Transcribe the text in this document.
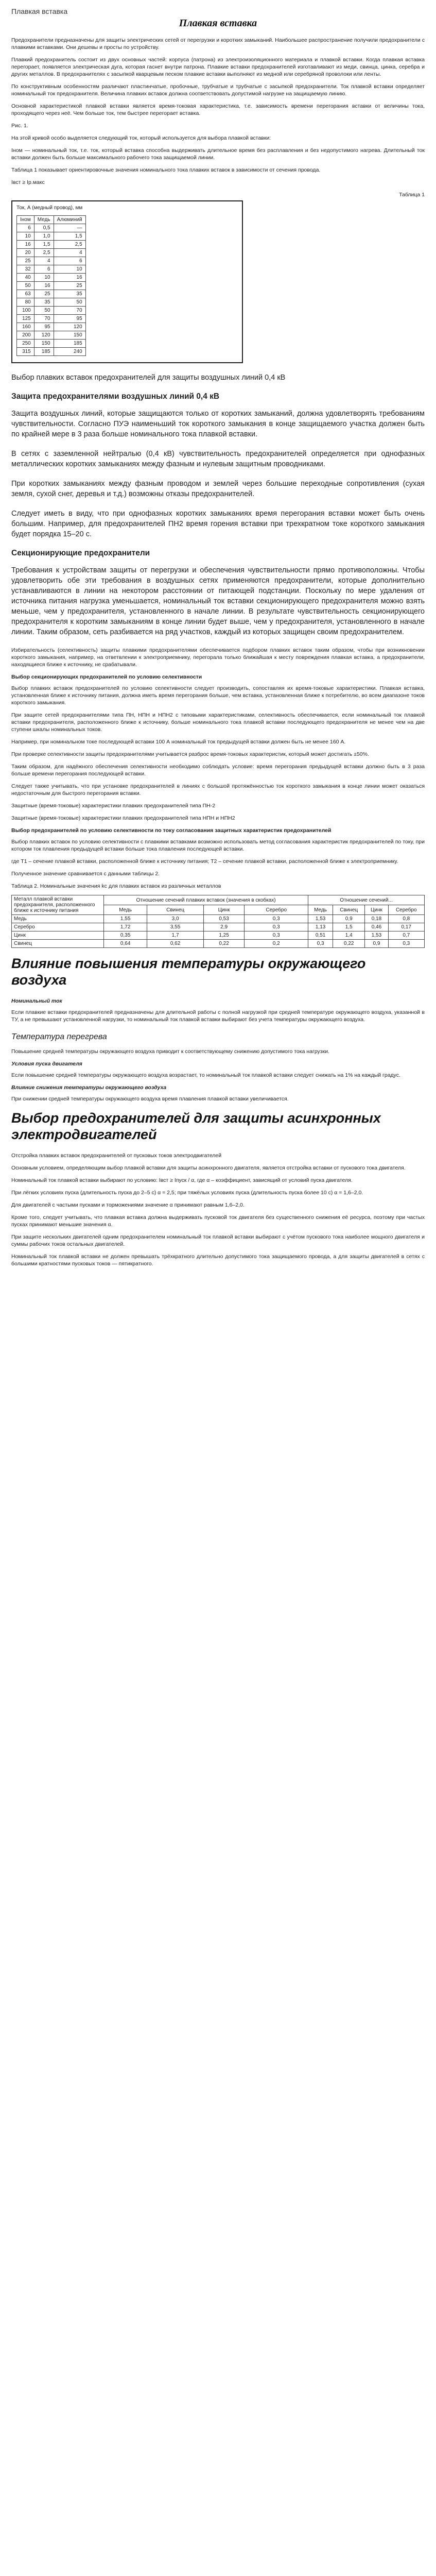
Плавкая вставка
Плавкая вставка

Предохранители предназначены для защиты электрических сетей от перегрузки и коротких замыканий. Наибольшее распространение получили предохранители с плавкими вставками. Они дешевы и просты по устройству.

Плавкий предохранитель состоит из двух основных частей: корпуса (патрона) из электроизоляционного материала и плавкой вставки. Когда плавкая вставка перегорает, появляется электрическая дуга, которая гаснет внутри патрона. Плавкие вставки предохранителей изготавливают из меди, свинца, цинка, серебра и других металлов. В предохранителях с засыпкой кварцевым песком плавкие вставки выполняют из медной или серебряной проволоки или ленты.

По конструктивным особенностям различают пластинчатые, пробочные, трубчатые и трубчатые с засыпкой предохранители. Ток плавкой вставки определяет номинальный ток предохранителя. Величина плавких вставок должна соответствовать допустимой нагрузке на защищаемую линию.

Основной характеристикой плавкой вставки является время-токовая характеристика, т.е. зависимость времени перегорания вставки от величины тока, проходящего через неё. Чем больше ток, тем быстрее перегорает вставка.

Рис. 1.

На этой кривой особо выделяется следующий ток, который используется для выбора плавкой вставки:

Iном — номинальный ток, т.е. ток, который вставка способна выдерживать длительное время без расплавления и без недопустимого нагрева. Длительный ток вставки должен быть больше максимального рабочего тока защищаемой линии.

Таблица 1 показывает ориентировочные значения номинального тока плавких вставок в зависимости от сечения провода.

Iвст ≥ Iр.макс

Таблица 1

Ток, А (медный провод), мм
Iном	Медь	Алюминий
6	0,5	—
10	1,0	1,5
16	1,5	2,5
20	2,5	4
25	4	6
32	6	10
40	10	16
50	16	25
63	25	35
80	35	50
100	50	70
125	70	95
160	95	120
200	120	150
250	150	185
315	185	240

Выбор плавких вставок предохранителей для защиты воздушных линий 0,4 кВ

Защита предохранителями воздушных линий 0,4 кВ

Защита воздушных линий, которые защищаются только от коротких замыканий, должна удовлетворять требованиям чувствительности. Согласно ПУЭ наименьший ток короткого замыкания в конце защищаемого участка должен быть по крайней мере в 3 раза больше номинального тока плавкой вставки.

В сетях с заземленной нейтралью (0,4 кВ) чувствительность предохранителей определяется при однофазных металлических коротких замыканиях между фазным и нулевым защитным проводниками.

При коротких замыканиях между фазным проводом и землей через большие переходные сопротивления (сухая земля, сухой снег, деревья и т.д.) возможны отказы предохранителей.

Следует иметь в виду, что при однофазных коротких замыканиях время перегорания вставки может быть очень большим. Например, для предохранителей ПН2 время горения вставки при трехкратном токе короткого замыкания будет порядка 15–20 с.

Секционирующие предохранители

Требования к устройствам защиты от перегрузки и обеспечения чувствительности прямо противоположны. Чтобы удовлетворить обе эти требования в воздушных сетях применяются предохранители, которые дополнительно устанавливаются в линии на некотором расстоянии от питающей подстанции. Поскольку по мере удаления от источника питания нагрузка уменьшается, номинальный ток вставки секционирующего предохранителя можно взять меньше, чем у предохранителя, установленного в начале линии. В результате чувствительность секционирующего предохранителя к коротким замыканиям в конце линии будет выше, чем у предохранителя, установленного в начале линии. Таким образом, сеть разбивается на ряд участков, каждый из которых защищен своим предохранителем.

Избирательность (селективность) защиты плавкими предохранителями обеспечивается подбором плавких вставок таким образом, чтобы при возникновении короткого замыкания, например, на ответвлении к электроприемнику, перегорала только ближайшая к месту повреждения плавкая вставка, а предохранители, находящиеся ближе к источнику, не срабатывали.

Выбор секционирующих предохранителей по условию селективности

Выбор плавких вставок предохранителей по условию селективности следует производить, сопоставляя их время-токовые характеристики. Плавкая вставка, установленная ближе к источнику питания, должна иметь время перегорания больше, чем вставка, установленная ближе к потребителю, во всем диапазоне токов короткого замыкания.

При защите сетей предохранителями типа ПН, НПН и НПН2 с типовыми характеристиками, селективность обеспечивается, если номинальный ток плавкой вставки предохранителя, расположенного ближе к источнику, больше номинального тока плавкой вставки последующего предохранителя не менее чем на две ступени шкалы номинальных токов.

Например, при номинальном токе последующей вставки 100 А номинальный ток предыдущей вставки должен быть не менее 160 А.

При проверке селективности защиты предохранителями учитывается разброс время-токовых характеристик, который может достигать ±50%.

Таким образом, для надёжного обеспечения селективности необходимо соблюдать условие: время перегорания предыдущей вставки должно быть в 3 раза больше времени перегорания последующей вставки.

Следует также учитывать, что при установке предохранителей в линиях с большой протяжённостью ток короткого замыкания в конце линии может оказаться недостаточным для быстрого перегорания вставки.

Защитные (время-токовые) характеристики плавких предохранителей типа ПН-2

Защитные (время-токовые) характеристики плавких предохранителей типа НПН и НПН2

Выбор предохранителей по условию селективности по току согласования защитных характеристик предохранителей

Выбор плавких вставок по условию селективности с плавкими вставками возможно использовать метод согласования характеристик предохранителей по току, при котором ток плавления предыдущей вставки больше тока плавления последующей вставки.

где Т1 – сечение плавкой вставки, расположенной ближе к источнику питания; Т2 – сечение плавкой вставки, расположенной ближе к электроприемнику.

Полученное значение сравнивается с данными таблицы 2.

Таблица 2. Номинальные значения kс для плавких вставок из различных металлов

Металл плавкой вставки предохранителя, расположенного ближе к источнику питания	Отношение сечений плавких вставок (значения в скобках)				Отношение сечений...			
	Медь	Свинец	Цинк	Серебро	Медь	Свинец	Цинк	Серебро
Медь	1,55	3,0	0,53	0,3	1,53	0,9	0,18	0,8
Серебро	1,72	3,55	2,9	0,3	1,13	1,5	0,46	0,17
Цинк	0,35	1,7	1,25	0,3	0,51	1,4	1,53	0,7
Свинец	0,64	0,62	0,22	0,2	0,3	0,22	0,9	0,3
Влияние повышения температуры окружающего воздуха

Номинальный ток

Если плавкие вставки предохранителей предназначены для длительной работы с полной нагрузкой при средней температуре окружающего воздуха, указанной в ТУ, а не превышают установленной нагрузки, то номинальный ток плавкой вставки выбирают без учета температуры окружающего воздуха.

Температура перегрева

Повышение средней температуры окружающего воздуха приводит к соответствующему снижению допустимого тока нагрузки.

Условия пуска двигателя

Если повышение средней температуры окружающего воздуха возрастает, то номинальный ток плавкой вставки следует снижать на 1% на каждый градус.

Влияние снижения температуры окружающего воздуха

При снижении средней температуры окружающего воздуха время плавления плавкой вставки увеличивается.

Выбор предохранителей для защиты асинхронных электродвигателей

Отстройка плавких вставок предохранителей от пусковых токов электродвигателей

Основным условием, определяющим выбор плавкой вставки для защиты асинхронного двигателя, является отстройка вставки от пускового тока двигателя.

Номинальный ток плавкой вставки выбирают по условию: Iвст ≥ Iпуск / α, где α – коэффициент, зависящий от условий пуска двигателя.

При лёгких условиях пуска (длительность пуска до 2–5 с) α = 2,5; при тяжёлых условиях пуска (длительность пуска более 10 с) α = 1,6–2,0.

Для двигателей с частыми пусками и торможениями значение α принимают равным 1,6–2,0.

Кроме того, следует учитывать, что плавкая вставка должна выдерживать пусковой ток двигателя без существенного снижения её ресурса, поэтому при частых пусках принимают меньшие значения α.

При защите нескольких двигателей одним предохранителем номинальный ток плавкой вставки выбирают с учётом пускового тока наиболее мощного двигателя и суммы рабочих токов остальных двигателей.

Номинальный ток плавкой вставки не должен превышать трёхкратного длительно допустимого тока защищаемого провода, а для защиты двигателей в сетях с большими кратностями пусковых токов — пятикратного.
